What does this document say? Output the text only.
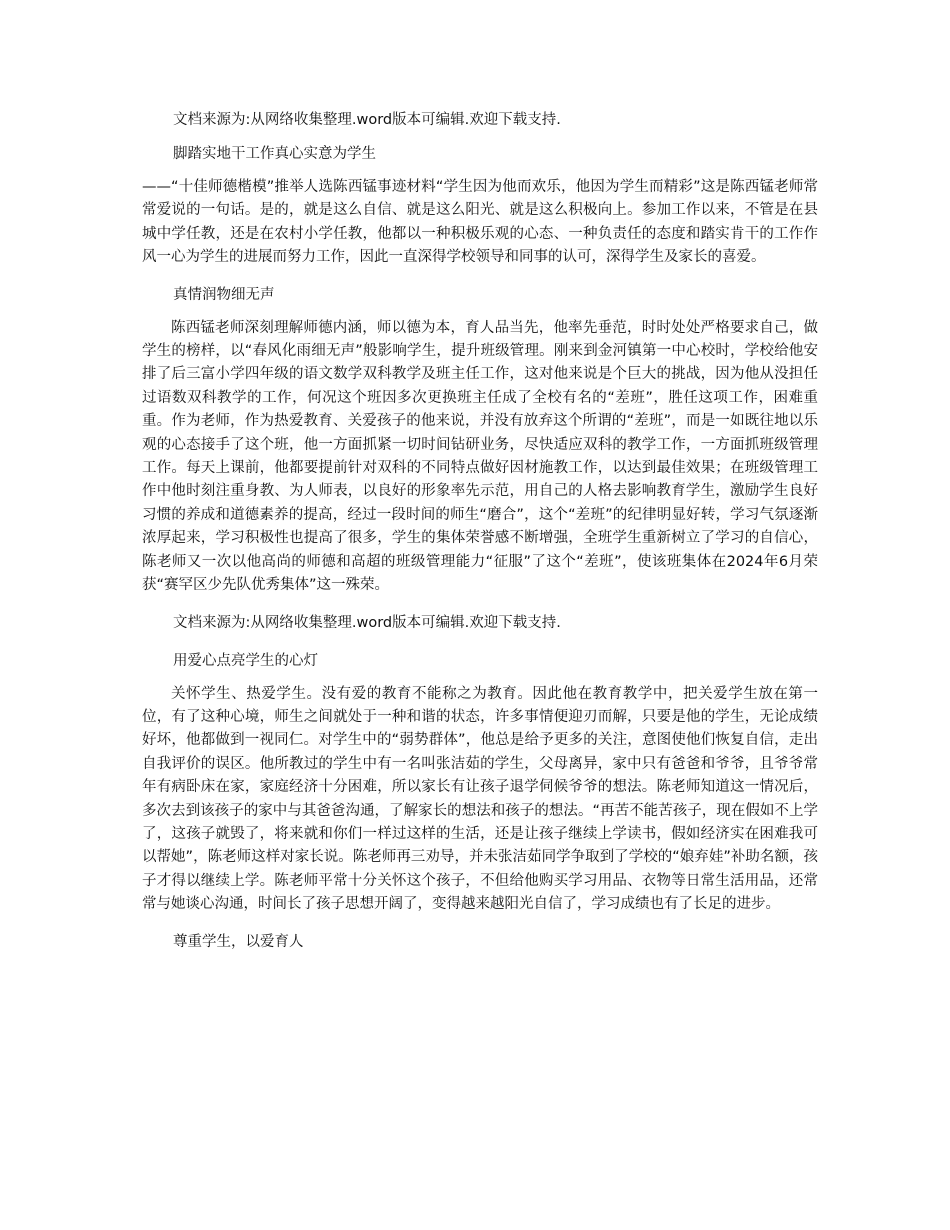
文档来源为:从网络收集整理.word版本可编辑.欢迎下载支持.

脚踏实地干工作真心实意为学生

——“十佳师德楷模”推举人选陈西锰事迹材料“学生因为他而欢乐，他因为学生而精彩”这是陈西锰老师常常爱说的一句话。是的，就是这么自信、就是这么阳光、就是这么积极向上。参加工作以来，不管是在县城中学任教，还是在农村小学任教，他都以一种积极乐观的心态、一种负责任的态度和踏实肯干的工作作风一心为学生的进展而努力工作，因此一直深得学校领导和同事的认可，深得学生及家长的喜爱。

真情润物细无声

陈西锰老师深刻理解师德内涵，师以德为本，育人品当先，他率先垂范，时时处处严格要求自己，做学生的榜样，以“春风化雨细无声”般影响学生，提升班级管理。刚来到金河镇第一中心校时，学校给他安排了后三富小学四年级的语文数学双科教学及班主任工作，这对他来说是个巨大的挑战，因为他从没担任过语数双科教学的工作，何况这个班因多次更换班主任成了全校有名的“差班”，胜任这项工作，困难重重。作为老师，作为热爱教育、关爱孩子的他来说，并没有放弃这个所谓的“差班”，而是一如既往地以乐观的心态接手了这个班，他一方面抓紧一切时间钻研业务，尽快适应双科的教学工作，一方面抓班级管理工作。每天上课前，他都要提前针对双科的不同特点做好因材施教工作，以达到最佳效果；在班级管理工作中他时刻注重身教、为人师表，以良好的形象率先示范，用自己的人格去影响教育学生，激励学生良好习惯的养成和道德素养的提高，经过一段时间的师生“磨合”，这个“差班”的纪律明显好转，学习气氛逐渐浓厚起来，学习积极性也提高了很多，学生的集体荣誉感不断增强，全班学生重新树立了学习的自信心，陈老师又一次以他高尚的师德和高超的班级管理能力“征服”了这个“差班”，使该班集体在2024年6月荣获“赛罕区少先队优秀集体”这一殊荣。

文档来源为:从网络收集整理.word版本可编辑.欢迎下载支持.

用爱心点亮学生的心灯

关怀学生、热爱学生。没有爱的教育不能称之为教育。因此他在教育教学中，把关爱学生放在第一位，有了这种心境，师生之间就处于一种和谐的状态，许多事情便迎刃而解，只要是他的学生，无论成绩好坏，他都做到一视同仁。对学生中的“弱势群体”，他总是给予更多的关注，意图使他们恢复自信，走出自我评价的误区。他所教过的学生中有一名叫张洁茹的学生，父母离异，家中只有爸爸和爷爷，且爷爷常年有病卧床在家，家庭经济十分困难，所以家长有让孩子退学伺候爷爷的想法。陈老师知道这一情况后，多次去到该孩子的家中与其爸爸沟通，了解家长的想法和孩子的想法。“再苦不能苦孩子，现在假如不上学了，这孩子就毁了，将来就和你们一样过这样的生活，还是让孩子继续上学读书，假如经济实在困难我可以帮她”，陈老师这样对家长说。陈老师再三劝导，并未张洁茹同学争取到了学校的“娘弃娃”补助名额，孩子才得以继续上学。陈老师平常十分关怀这个孩子，不但给他购买学习用品、衣物等日常生活用品，还常常与她谈心沟通，时间长了孩子思想开阔了，变得越来越阳光自信了，学习成绩也有了长足的进步。

尊重学生，以爱育人
